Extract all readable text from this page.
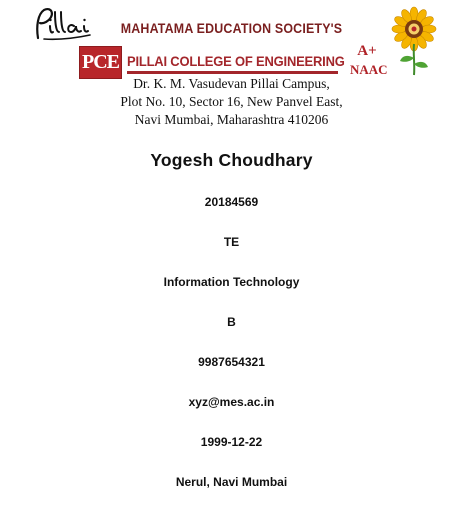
MAHATAMA EDUCATION SOCIETY'S
PCE PILLAI COLLEGE OF ENGINEERING
A+
NAAC
Dr. K. M. Vasudevan Pillai Campus,
Plot No. 10, Sector 16, New Panvel East,
Navi Mumbai, Maharashtra 410206
Yogesh Choudhary
20184569
TE
Information Technology
B
9987654321
xyz@mes.ac.in
1999-12-22
Nerul, Navi Mumbai
